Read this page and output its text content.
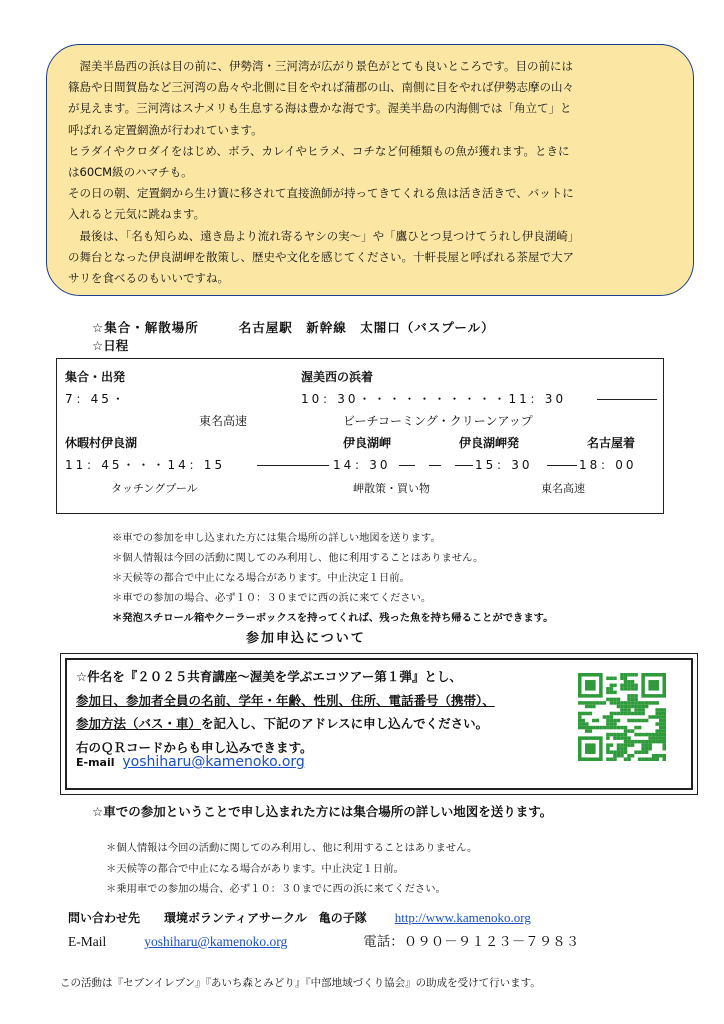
　渥美半島西の浜は目の前に、伊勢湾・三河湾が広がり景色がとても良いところです。目の前には

篠島や日間賀島など三河湾の島々や北側に目をやれば蒲郡の山、南側に目をやれば伊勢志摩の山々

が見えます。三河湾はスナメリも生息する海は豊かな海です。渥美半島の内海側では「角立て」と

呼ばれる定置網漁が行われています。

ヒラダイやクロダイをはじめ、ボラ、カレイやヒラメ、コチなど何種類もの魚が獲れます。ときに

は60CM級のハマチも。

その日の朝、定置網から生け簀に移されて直接漁師が持ってきてくれる魚は活き活きで、バットに

入れると元気に跳ねます。

　最後は、「名も知らぬ、遠き島より流れ寄るヤシの実～」や「鷹ひとつ見つけてうれし伊良湖崎」

の舞台となった伊良湖岬を散策し、歴史や文化を感じてください。十軒長屋と呼ばれる茶屋で大ア

サリを食べるのもいいですね。

☆集合・解散場所	名古屋駅　新幹線　太閤口（バスプール）
☆日程
集合・出発	渥美西の浜着
7：45・	10：30・・・・・・・・・・11：30
東名高速	ビーチコーミング・クリーンアップ
休暇村伊良湖	伊良湖岬	伊良湖岬発	名古屋着
11：45・・・14：15	14：30	15：30	18：00
タッチングプール	岬散策・買い物	東名高速

※車での参加を申し込まれた方には集合場所の詳しい地図を送ります。

＊個人情報は今回の活動に関してのみ利用し、他に利用することはありません。

＊天候等の都合で中止になる場合があります。中止決定１日前。

＊車での参加の場合、必ず１０：３０までに西の浜に来てください。

＊発泡スチロール箱やクーラーボックスを持ってくれば、残った魚を持ち帰ることができます。

参加申込について

☆件名を『２０２５共育講座～渥美を学ぶエコツアー第１弾』とし、

参加日、参加者全員の名前、学年・年齢、性別、住所、電話番号（携帯）、

参加方法（バス・車）を記入し、下記のアドレスに申し込んでください。

右のＱＲコードからも申し込みできます。

E-mail yoshiharu@kamenoko.org
☆車での参加ということで申し込まれた方には集合場所の詳しい地図を送ります。

＊個人情報は今回の活動に関してのみ利用し、他に利用することはありません。

＊天候等の都合で中止になる場合があります。中止決定１日前。

＊乗用車での参加の場合、必ず１０：３０までに西の浜に来てください。

問い合わせ先 環境ボランティアサークル　亀の子隊 http://www.kamenoko.org
E-Mail	yoshiharu@kamenoko.org	電話：０９０－９１２３－７９８３
この活動は『セブンイレブン』『あいち森とみどり』『中部地域づくり協会』の助成を受けて行います。
